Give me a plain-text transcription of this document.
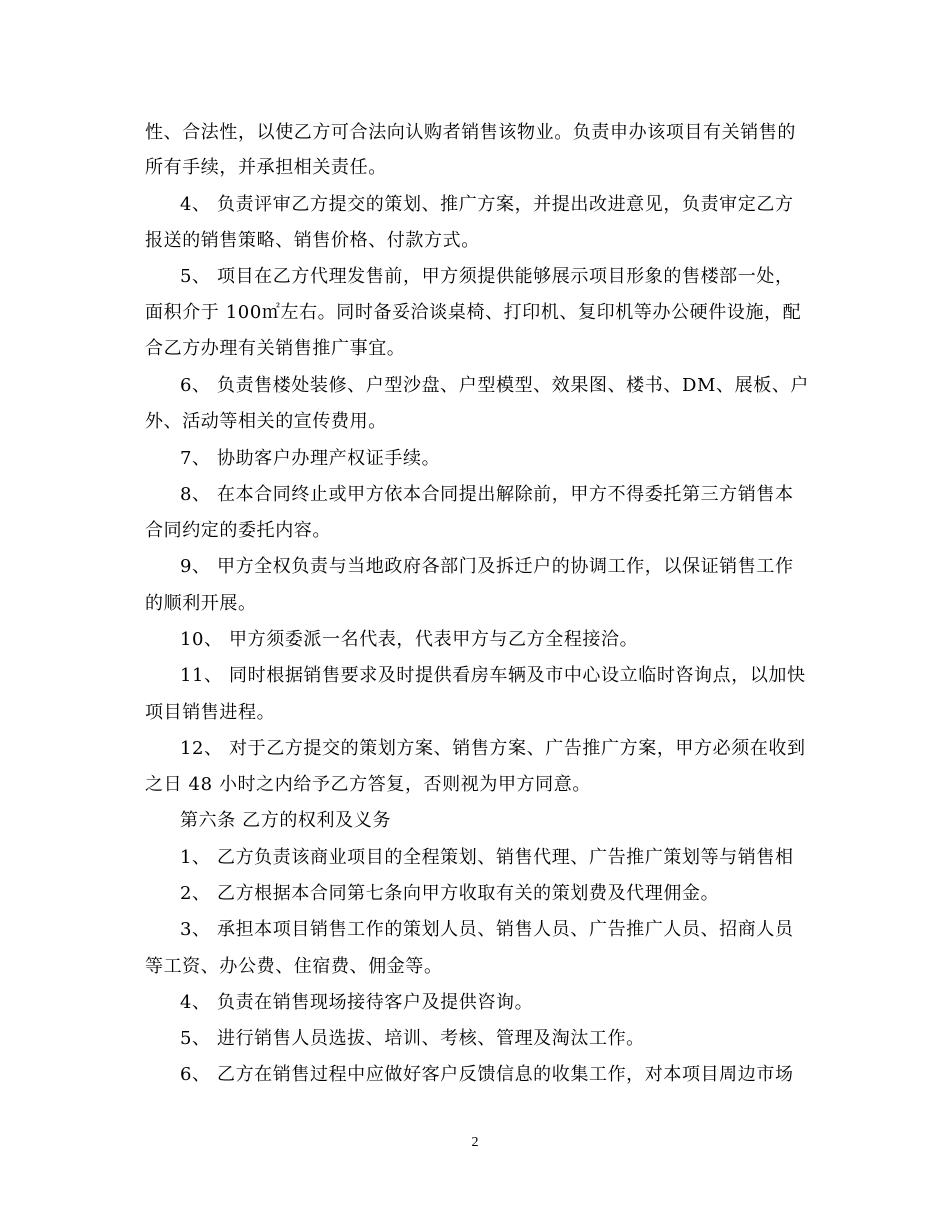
性、合法性，以使乙方可合法向认购者销售该物业。负责申办该项目有关销售的
所有手续，并承担相关责任。
4、 负责评审乙方提交的策划、推广方案，并提出改进意见，负责审定乙方
报送的销售策略、销售价格、付款方式。
5、 项目在乙方代理发售前，甲方须提供能够展示项目形象的售楼部一处，
面积介于 100㎡左右。同时备妥洽谈桌椅、打印机、复印机等办公硬件设施，配
合乙方办理有关销售推广事宜。
6、 负责售楼处装修、户型沙盘、户型模型、效果图、楼书、DM、展板、户
外、活动等相关的宣传费用。
7、 协助客户办理产权证手续。
8、 在本合同终止或甲方依本合同提出解除前，甲方不得委托第三方销售本
合同约定的委托内容。
9、 甲方全权负责与当地政府各部门及拆迁户的协调工作，以保证销售工作
的顺利开展。
10、 甲方须委派一名代表，代表甲方与乙方全程接洽。
11、 同时根据销售要求及时提供看房车辆及市中心设立临时咨询点，以加快
项目销售进程。
12、 对于乙方提交的策划方案、销售方案、广告推广方案，甲方必须在收到
之日 48 小时之内给予乙方答复，否则视为甲方同意。
第六条 乙方的权利及义务
1、 乙方负责该商业项目的全程策划、销售代理、广告推广策划等与销售相
2、 乙方根据本合同第七条向甲方收取有关的策划费及代理佣金。
3、 承担本项目销售工作的策划人员、销售人员、广告推广人员、招商人员
等工资、办公费、住宿费、佣金等。
4、 负责在销售现场接待客户及提供咨询。
5、 进行销售人员选拔、培训、考核、管理及淘汰工作。
6、 乙方在销售过程中应做好客户反馈信息的收集工作，对本项目周边市场
2
